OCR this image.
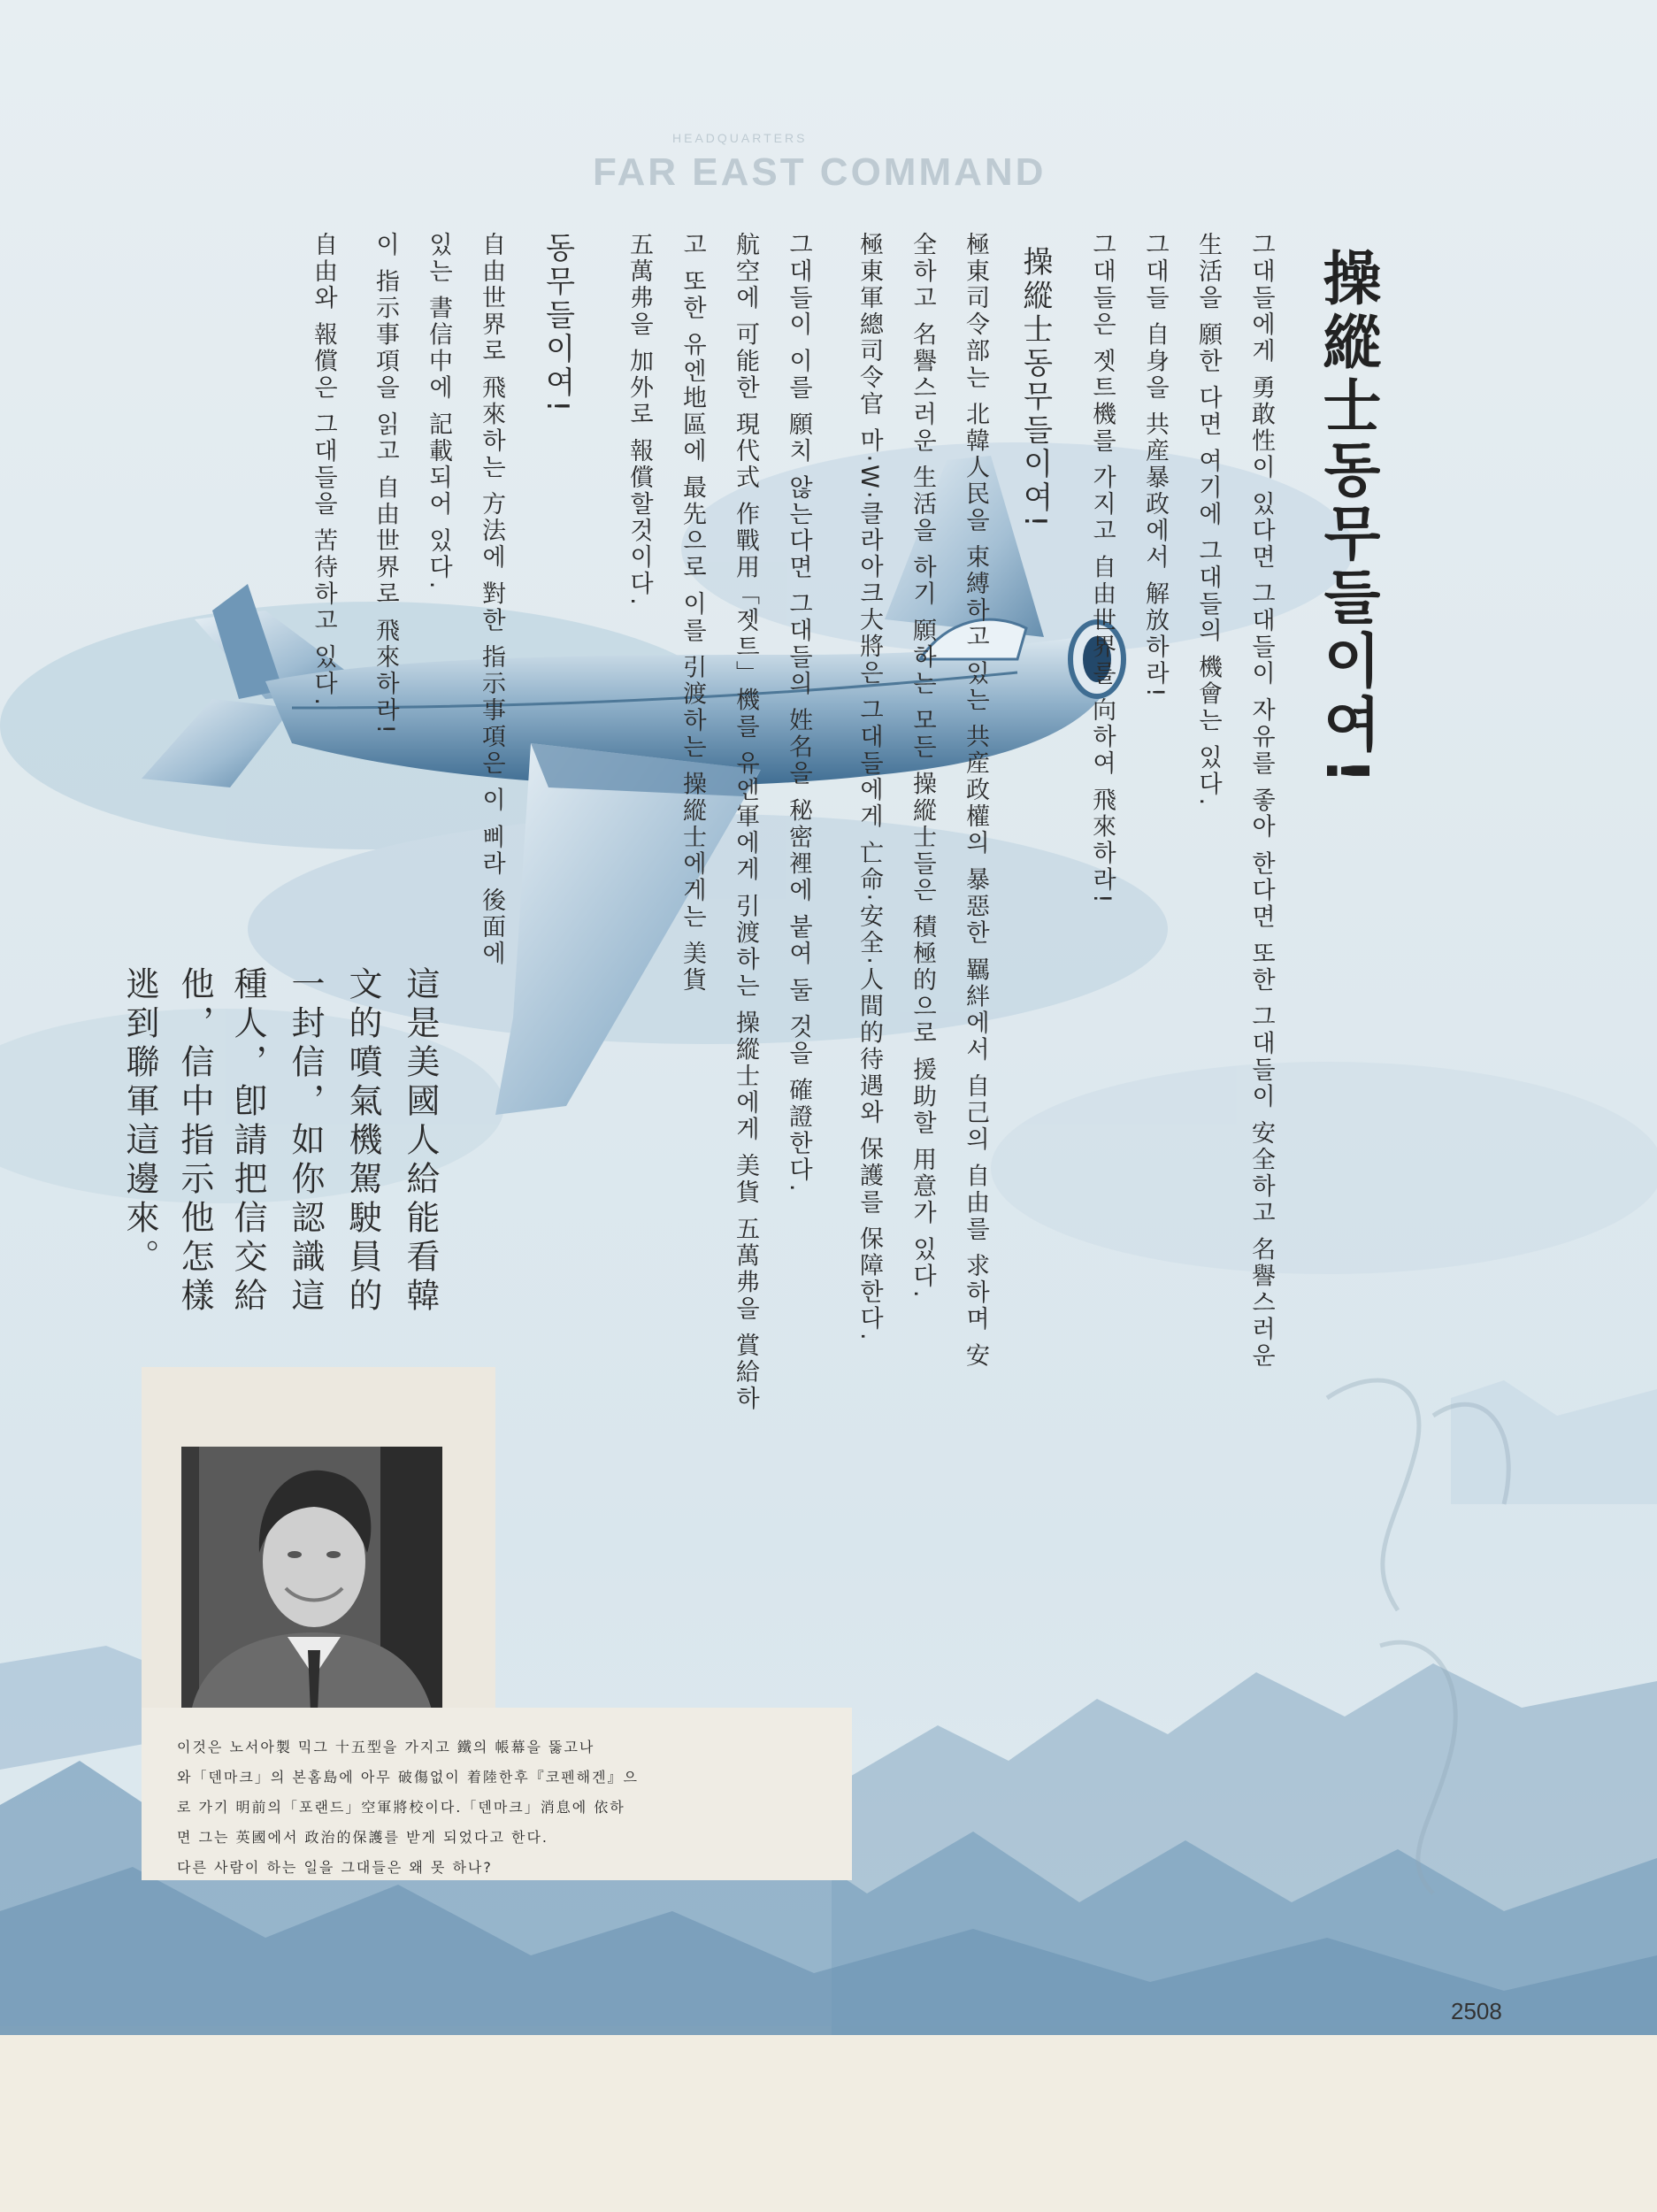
HEADQUARTERS
FAR EAST COMMAND
操縱士동무들이여!
그대들에게 勇敢性이 있다면 그대들이 자유를 좋아 한다면 또한 그대들이 安全하고 名譽스러운
生活을 願한 다면 여기에 그대들의 機會는 있다.
그대들 自身을 共産暴政에서 解放하라!
그대들은 젯트機를 가지고 自由世界를 向하여 飛來하라!
操縱士동무들이여!
極東司令部는 北韓人民을 束縛하고 있는 共産政權의 暴惡한 羈絆에서 自己의 自由를 求하며 安
全하고 名譽스러운 生活을 하기 願하는 모든 操縱士들은 積極的으로 援助할 用意가 있다.
極東軍總司令官 마·W·클라아크大將은 그대들에게 亡命·安全·人間的待遇와 保護를 保障한다.
그대들이 이를 願치 않는다면 그대들의 姓名을 秘密裡에 붙여 둘 것을 確證한다.
航空에 可能한 現代式 作戰用「젯트」機를 유엔軍에게 引渡하는 操縱士에게 美貨 五萬弗을 賞給하
고 또한 유엔地區에 最先으로 이를 引渡하는 操縱士에게는 美貨
五萬弗을 加外로 報償할것이다.
동무들이여!
自由世界로 飛來하는 方法에 對한 指示事項은 이 삐라 後面에
있는 書信中에 記載되어 있다.
이 指示事項을 읽고 自由世界로 飛來하라!
自由와 報償은 그대들을 苦待하고 있다.
這是美國人給能看韓
文的噴氣機駕駛員的
一封信，如你認識這
種人，卽請把信交給
他，信中指示他怎樣
逃到聯軍這邊來。
이것은 노서아製 믹그 十五型을 가지고 鐵의 帳幕을 뚫고나
와「덴마크」의 본홈島에 아무 破傷없이 着陸한후『코펜해겐』으
로 가기 明前의「포랜드」空軍將校이다.「덴마크」消息에 依하
면 그는 英國에서 政治的保護를 받게 되었다고 한다.
다른 사람이 하는 일을 그대들은 왜 못 하나?
2508
